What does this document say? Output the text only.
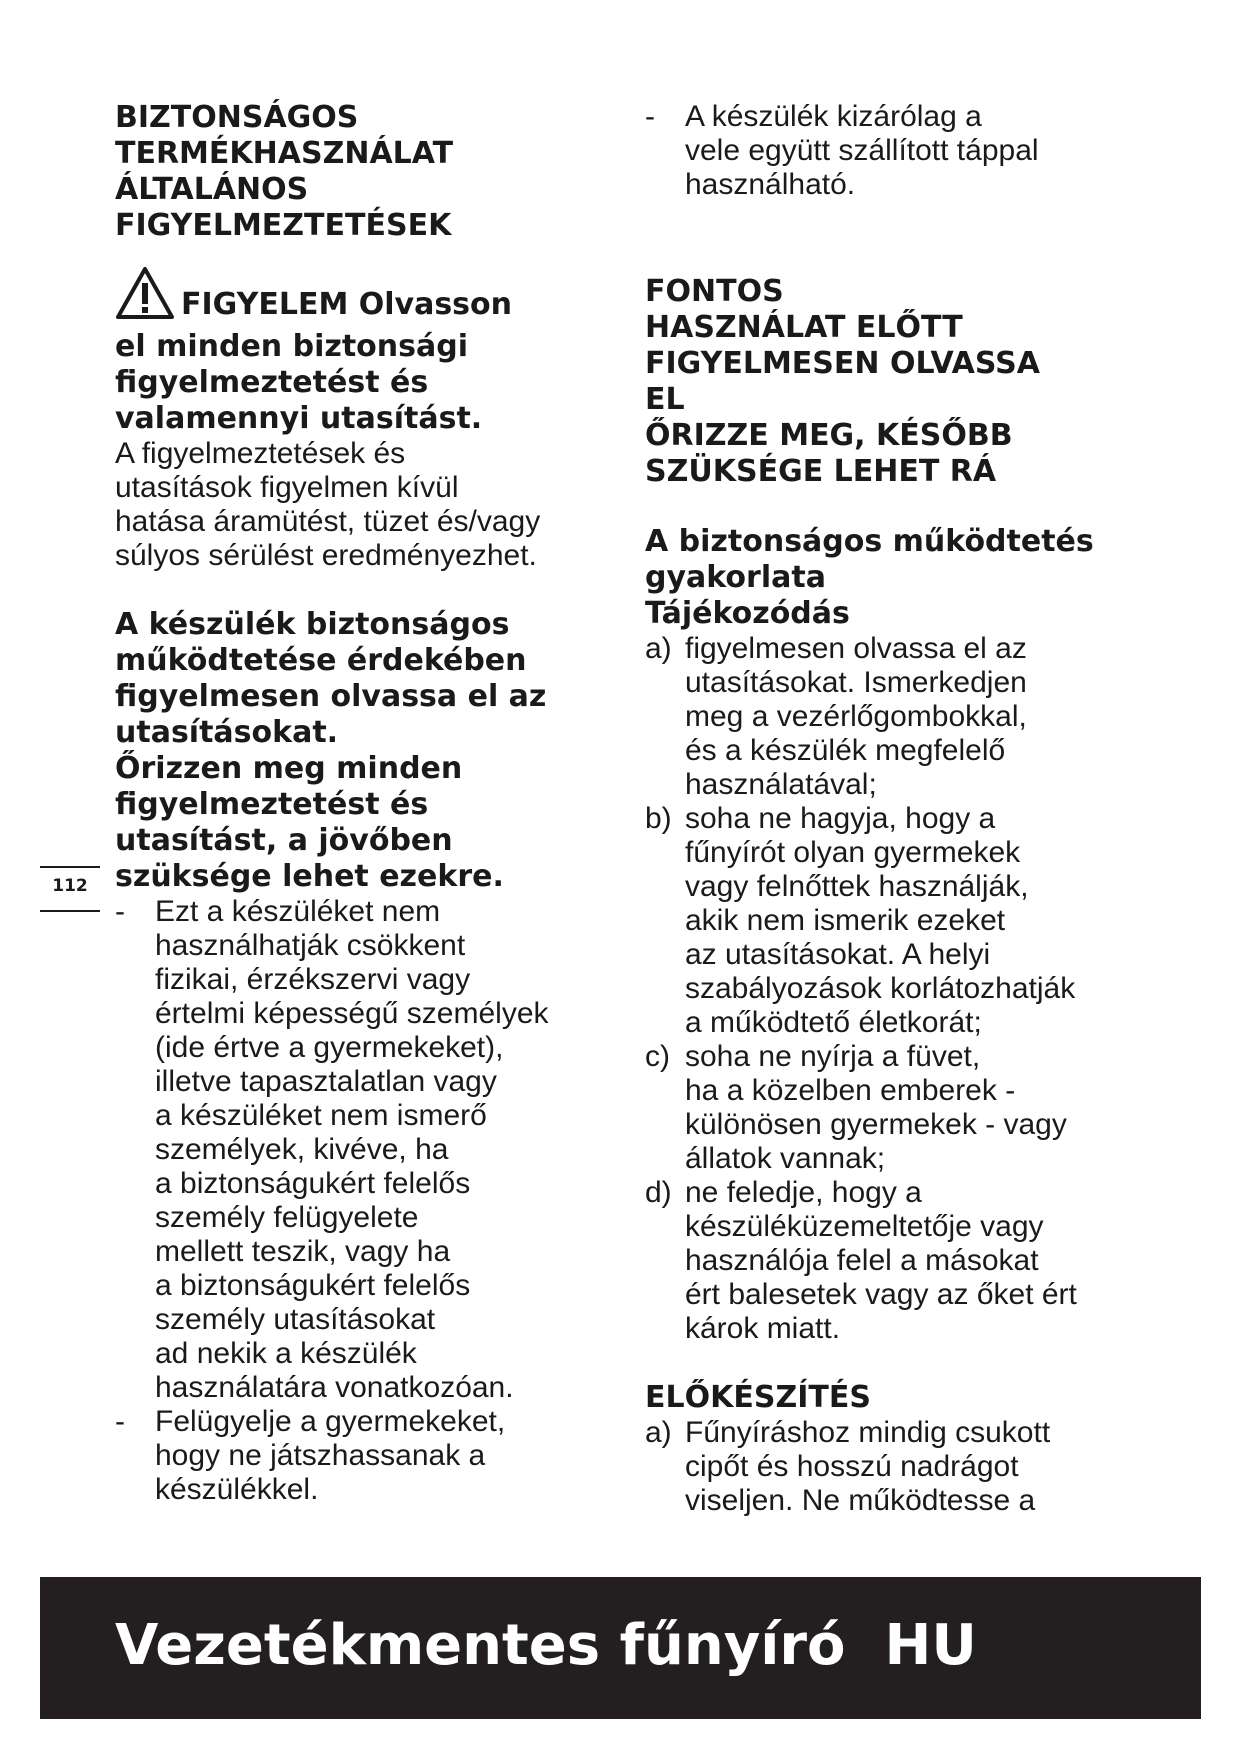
BIZTONSÁGOS
TERMÉKHASZNÁLAT
ÁLTALÁNOS
FIGYELMEZTETÉSEK
FIGYELEM Olvasson
el minden biztonsági
figyelmeztetést és
valamennyi utasítást.
A figyelmeztetések és
utasítások figyelmen kívül
hatása áramütést, tüzet és/vagy
súlyos sérülést eredményezhet.
A készülék biztonságos
működtetése érdekében
figyelmesen olvassa el az
utasításokat.
Őrizzen meg minden
figyelmeztetést és
utasítást, a jövőben
szüksége lehet ezekre.
- Ezt a készüléket nem
használhatják csökkent
fizikai, érzékszervi vagy
értelmi képességű személyek
(ide értve a gyermekeket),
illetve tapasztalatlan vagy
a készüléket nem ismerő
személyek, kivéve, ha
a biztonságukért felelős
személy felügyelete
mellett teszik, vagy ha
a biztonságukért felelős
személy utasításokat
ad nekik a készülék
használatára vonatkozóan.
- Felügyelje a gyermekeket,
hogy ne játszhassanak a
készülékkel.
112
- A készülék kizárólag a
vele együtt szállított táppal
használható.
FONTOS
HASZNÁLAT ELŐTT
FIGYELMESEN OLVASSA
EL
ŐRIZZE MEG, KÉSŐBB
SZÜKSÉGE LEHET RÁ
A biztonságos működtetés
gyakorlata
Tájékozódás
a) figyelmesen olvassa el az
utasításokat. Ismerkedjen
meg a vezérlőgombokkal,
és a készülék megfelelő
használatával;
b) soha ne hagyja, hogy a
fűnyírót olyan gyermekek
vagy felnőttek használják,
akik nem ismerik ezeket
az utasításokat. A helyi
szabályozások korlátozhatják
a működtető életkorát;
c) soha ne nyírja a füvet,
ha a közelben emberek -
különösen gyermekek - vagy
állatok vannak;
d) ne feledje, hogy a
készüléküzemeltetője vagy
használója felel a másokat
ért balesetek vagy az őket ért
károk miatt.
ELŐKÉSZÍTÉS
a) Fűnyíráshoz mindig csukott
cipőt és hosszú nadrágot
viseljen. Ne működtesse a
Vezetékmentes fűnyíró  HU
